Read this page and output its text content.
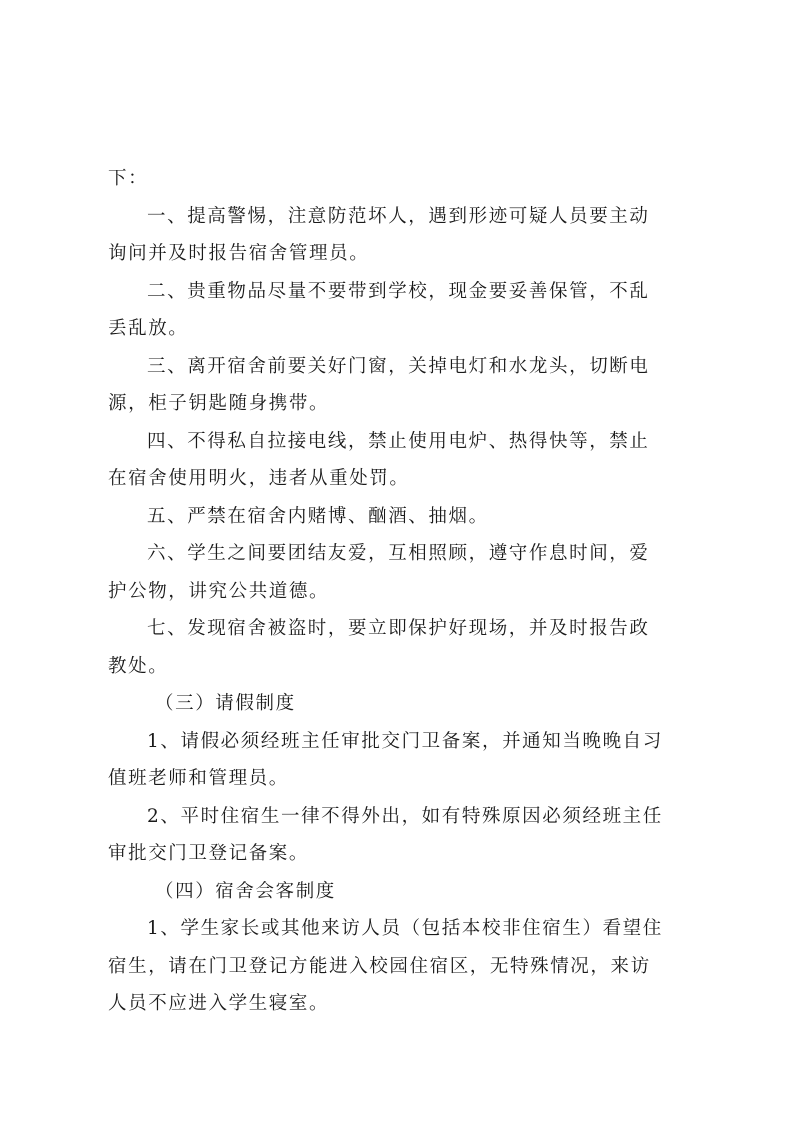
下：
一、提高警惕，注意防范坏人，遇到形迹可疑人员要主动
询问并及时报告宿舍管理员。
二、贵重物品尽量不要带到学校，现金要妥善保管，不乱
丢乱放。
三、离开宿舍前要关好门窗，关掉电灯和水龙头，切断电
源，柜子钥匙随身携带。
四、不得私自拉接电线，禁止使用电炉、热得快等，禁止
在宿舍使用明火，违者从重处罚。
五、严禁在宿舍内赌博、酗酒、抽烟。
六、学生之间要团结友爱，互相照顾，遵守作息时间，爱
护公物，讲究公共道德。
七、发现宿舍被盗时，要立即保护好现场，并及时报告政
教处。
（三）请假制度
1、请假必须经班主任审批交门卫备案，并通知当晚晚自习
值班老师和管理员。
2、平时住宿生一律不得外出，如有特殊原因必须经班主任
审批交门卫登记备案。
（四）宿舍会客制度
1、学生家长或其他来访人员（包括本校非住宿生）看望住
宿生，请在门卫登记方能进入校园住宿区，无特殊情况，来访
人员不应进入学生寝室。
